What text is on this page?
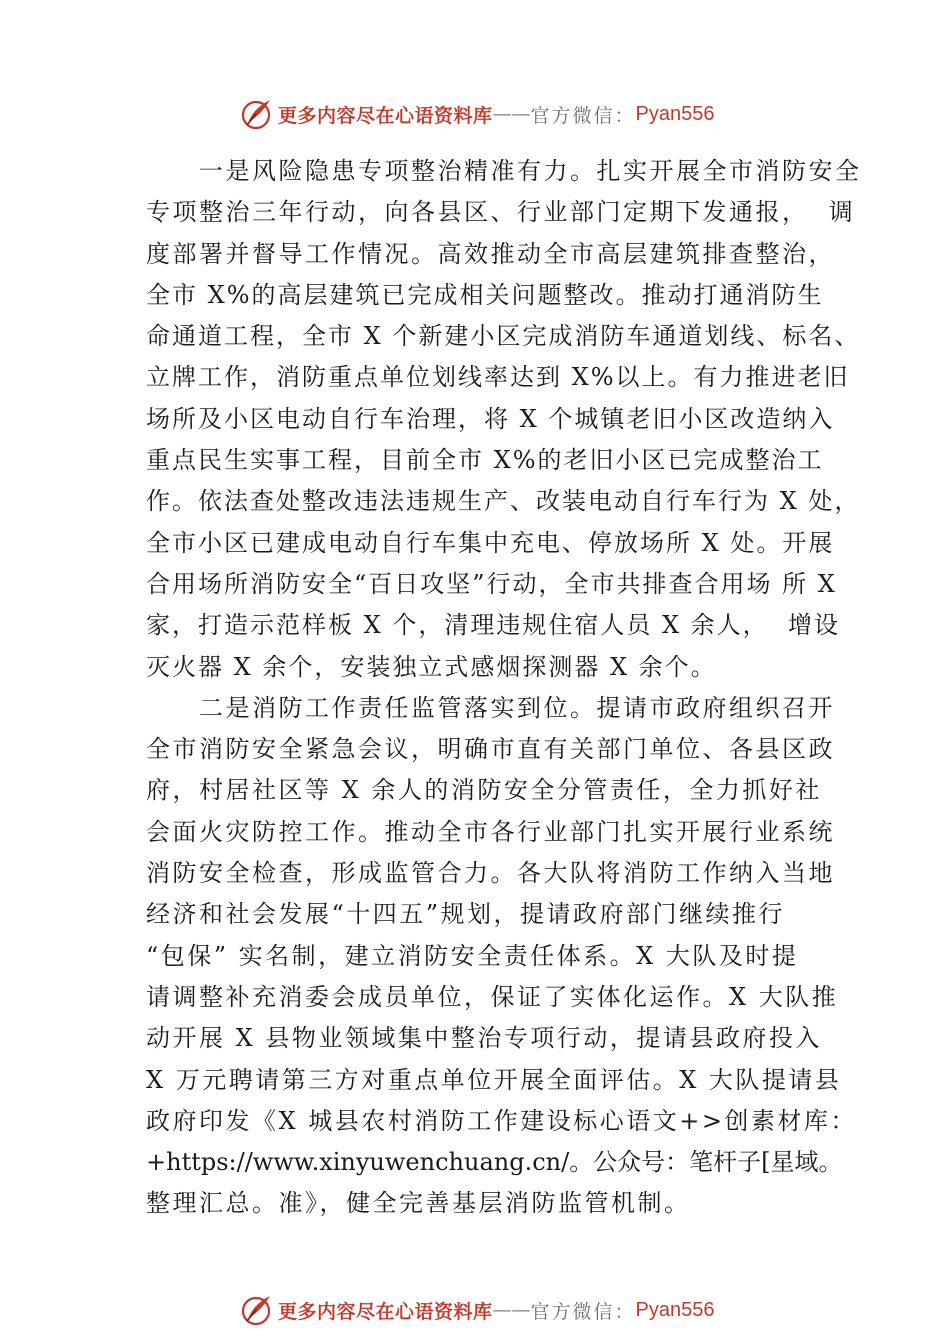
更多内容尽在心语资料库 —— 官方微信： Pyan556
　　一是风险隐患专项整治精准有力。扎实开展全市消防安全
专项整治三年行动，向各县区、行业部门定期下发通报，  调
度部署并督导工作情况。高效推动全市高层建筑排查整治，
全市 X%的高层建筑已完成相关问题整改。推动打通消防生
命通道工程，全市 X 个新建小区完成消防车通道划线、标名、
立牌工作，消防重点单位划线率达到 X%以上。有力推进老旧
场所及小区电动自行车治理，将 X 个城镇老旧小区改造纳入
重点民生实事工程，目前全市 X%的老旧小区已完成整治工
作。依法查处整改违法违规生产、改装电动自行车行为 X 处，
全市小区已建成电动自行车集中充电、停放场所 X 处。开展
合用场所消防安全“百日攻坚”行动，全市共排查合用场 所 X
家，打造示范样板 X 个，清理违规住宿人员 X 余人，  增设
灭火器 X 余个，安装独立式感烟探测器 X 余个。
　　二是消防工作责任监管落实到位。提请市政府组织召开
全市消防安全紧急会议，明确市直有关部门单位、各县区政
府，村居社区等 X 余人的消防安全分管责任，全力抓好社
会面火灾防控工作。推动全市各行业部门扎实开展行业系统
消防安全检查，形成监管合力。各大队将消防工作纳入当地
经济和社会发展“十四五”规划，提请政府部门继续推行
“包保” 实名制，建立消防安全责任体系。X 大队及时提
请调整补充消委会成员单位，保证了实体化运作。X 大队推
动开展 X 县物业领域集中整治专项行动，提请县政府投入
X 万元聘请第三方对重点单位开展全面评估。X 大队提请县
政府印发《X 城县农村消防工作建设标心语文+>创素材库：
+https://www.xinyuwenchuang.cn/。公众号：笔杆子[星域。
整理汇总。准》，健全完善基层消防监管机制。
更多内容尽在心语资料库 —— 官方微信： Pyan556
